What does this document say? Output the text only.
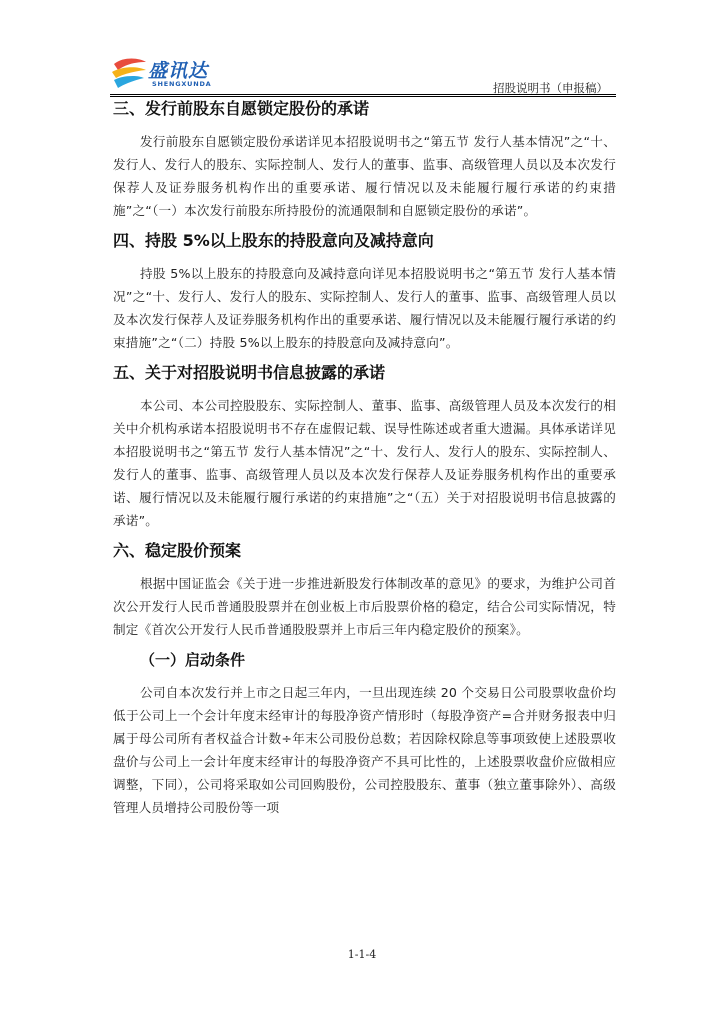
盛讯达
SHENGXUNDA	招股说明书（申报稿）
三、发行前股东自愿锁定股份的承诺

发行前股东自愿锁定股份承诺详见本招股说明书之“第五节 发行人基本情况”之“十、发行人、发行人的股东、实际控制人、发行人的董事、监事、高级管理人员以及本次发行保荐人及证券服务机构作出的重要承诺、履行情况以及未能履行履行承诺的约束措施”之“（一）本次发行前股东所持股份的流通限制和自愿锁定股份的承诺”。

四、持股 5%以上股东的持股意向及减持意向

持股 5%以上股东的持股意向及减持意向详见本招股说明书之“第五节 发行人基本情况”之“十、发行人、发行人的股东、实际控制人、发行人的董事、监事、高级管理人员以及本次发行保荐人及证券服务机构作出的重要承诺、履行情况以及未能履行履行承诺的约束措施”之“（二）持股 5%以上股东的持股意向及减持意向”。

五、关于对招股说明书信息披露的承诺

本公司、本公司控股股东、实际控制人、董事、监事、高级管理人员及本次发行的相关中介机构承诺本招股说明书不存在虚假记载、误导性陈述或者重大遗漏。具体承诺详见本招股说明书之“第五节 发行人基本情况”之“十、发行人、发行人的股东、实际控制人、发行人的董事、监事、高级管理人员以及本次发行保荐人及证券服务机构作出的重要承诺、履行情况以及未能履行履行承诺的约束措施”之“（五）关于对招股说明书信息披露的承诺”。

六、稳定股价预案

根据中国证监会《关于进一步推进新股发行体制改革的意见》的要求，为维护公司首次公开发行人民币普通股股票并在创业板上市后股票价格的稳定，结合公司实际情况，特制定《首次公开发行人民币普通股股票并上市后三年内稳定股价的预案》。

（一）启动条件

公司自本次发行并上市之日起三年内，一旦出现连续 20 个交易日公司股票收盘价均低于公司上一个会计年度末经审计的每股净资产情形时（每股净资产=合并财务报表中归属于母公司所有者权益合计数÷年末公司股份总数；若因除权除息等事项致使上述股票收盘价与公司上一会计年度末经审计的每股净资产不具可比性的，上述股票收盘价应做相应调整，下同），公司将采取如公司回购股份，公司控股股东、董事（独立董事除外）、高级管理人员增持公司股份等一项

1-1-4
